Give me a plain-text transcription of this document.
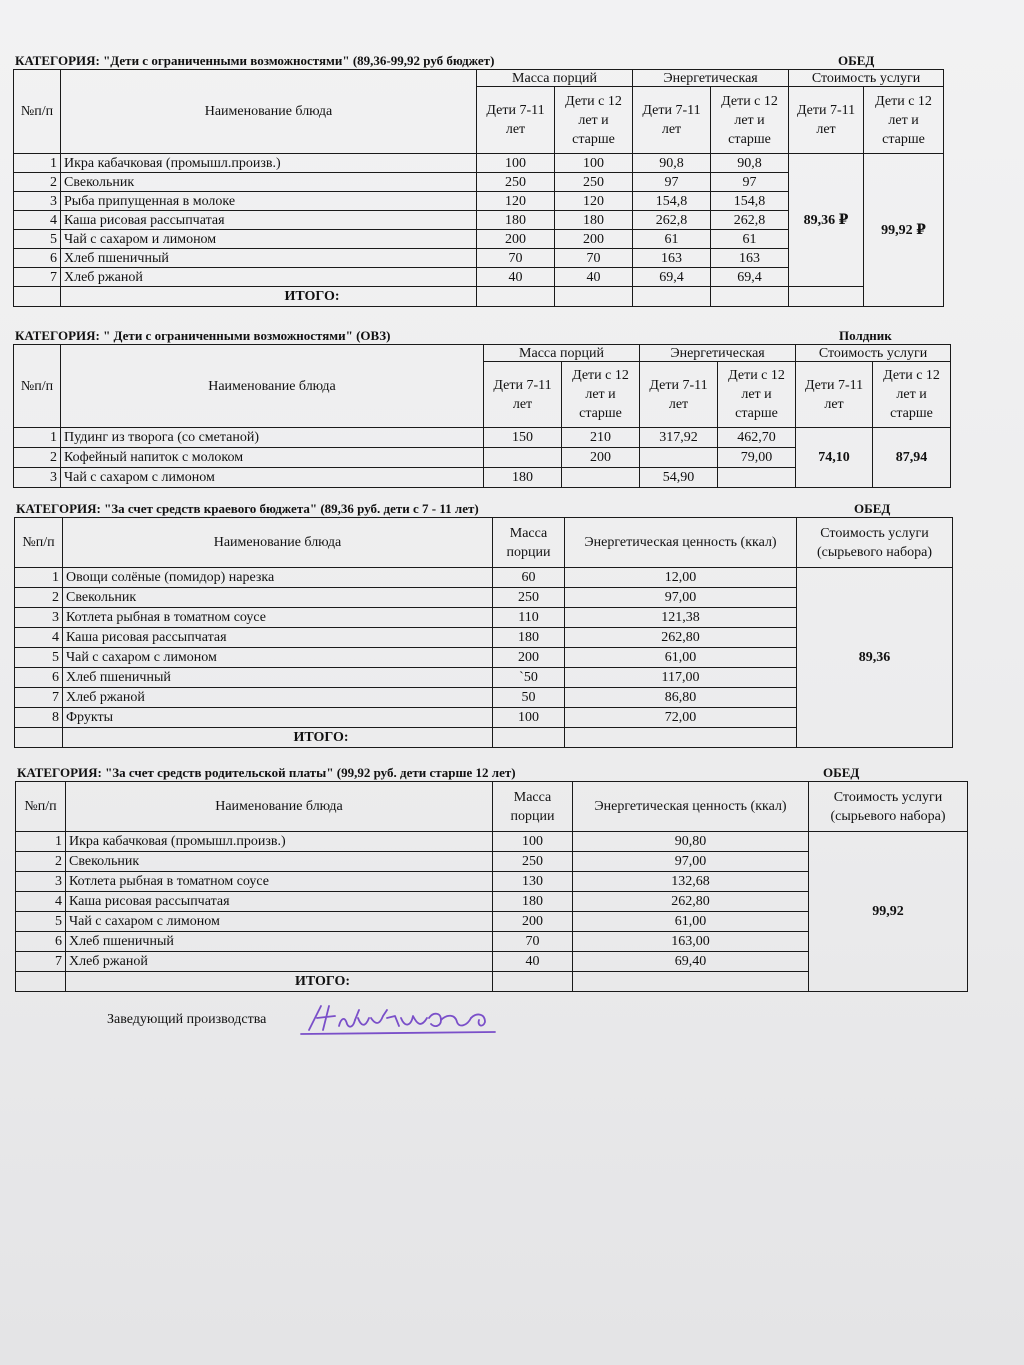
КАТЕГОРИЯ: "Дети с ограниченными возможностями" (89,36-99,92 руб бюджет)	ОБЕД
№п/п	Наименование блюда	Масса порций		Энергетическая		Стоимость услуги	
		Дети 7-11 лет	Дети с 12 лет и старше	Дети 7-11 лет	Дети с 12 лет и старше	Дети 7-11 лет	Дети с 12 лет и старше
1	Икра кабачковая (промышл.произв.)	100	100	90,8	90,8	89,36 ₽	99,92 ₽
2	Свекольник	250	250	97	97		
3	Рыба припущенная в молоке	120	120	154,8	154,8		
4	Каша рисовая рассыпчатая	180	180	262,8	262,8		
5	Чай с сахаром и лимоном	200	200	61	61		
6	Хлеб пшеничный	70	70	163	163		
7	Хлеб ржаной	40	40	69,4	69,4		
	ИТОГО:						
КАТЕГОРИЯ: " Дети с ограниченными возможностями" (ОВЗ)	Полдник
№п/п	Наименование блюда	Масса порций		Энергетическая		Стоимость услуги	
		Дети 7-11 лет	Дети с 12 лет и старше	Дети 7-11 лет	Дети с 12 лет и старше	Дети 7-11 лет	Дети с 12 лет и старше
1	Пудинг из творога (со сметаной)	150	210	317,92	462,70	74,10	87,94
2	Кофейный напиток с молоком		200		79,00		
3	Чай с сахаром с лимоном	180		54,90			
КАТЕГОРИЯ: "За счет средств краевого бюджета" (89,36 руб. дети с 7 - 11 лет)	ОБЕД
№п/п	Наименование блюда	Масса порции	Энергетическая ценность (ккал)	Стоимость услуги (сырьевого набора)
1	Овощи солёные (помидор) нарезка	60	12,00	89,36
2	Свекольник	250	97,00	
3	Котлета рыбная в томатном соусе	110	121,38	
4	Каша рисовая рассыпчатая	180	262,80	
5	Чай с сахаром с лимоном	200	61,00	
6	Хлеб пшеничный	`50	117,00	
7	Хлеб ржаной	50	86,80	
8	Фрукты	100	72,00	
	ИТОГО:			
КАТЕГОРИЯ: "За счет средств родительской платы" (99,92 руб. дети старше 12 лет)	ОБЕД
№п/п	Наименование блюда	Масса порции	Энергетическая ценность (ккал)	Стоимость услуги (сырьевого набора)
1	Икра кабачковая (промышл.произв.)	100	90,80	99,92
2	Свекольник	250	97,00	
3	Котлета рыбная в томатном соусе	130	132,68	
4	Каша рисовая рассыпчатая	180	262,80	
5	Чай с сахаром с лимоном	200	61,00	
6	Хлеб пшеничный	70	163,00	
7	Хлеб ржаной	40	69,40	
	ИТОГО:			
Заведующий производства
